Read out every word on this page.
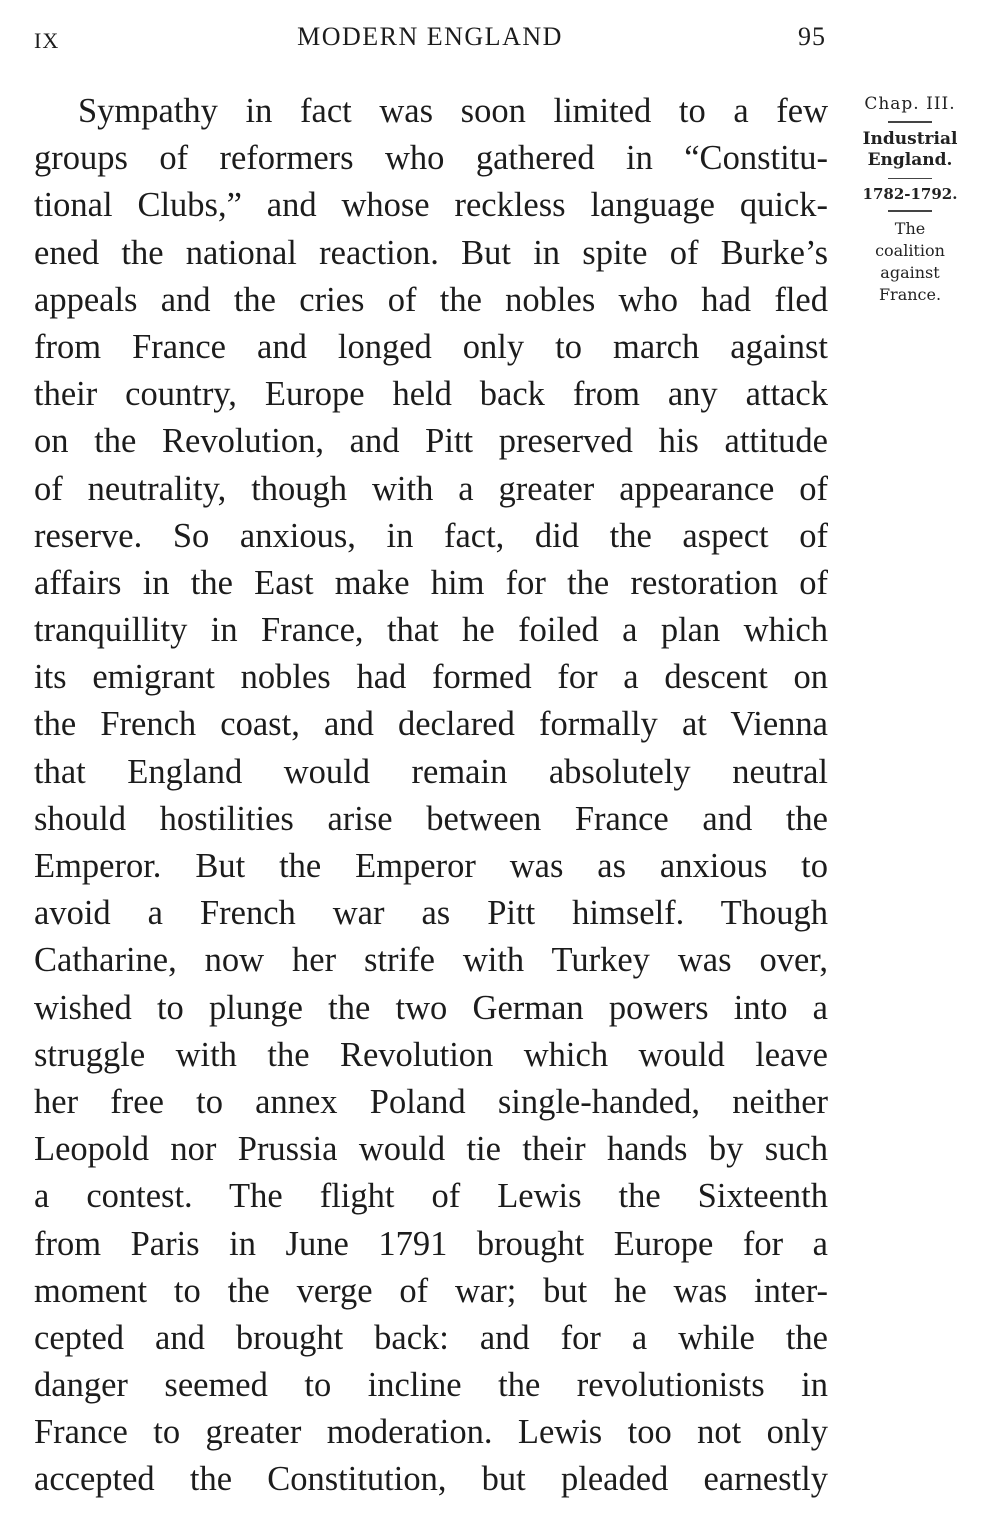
IX	MODERN ENGLAND	95
Sympathy in fact was soon limited to a few
groups of reformers who gathered in “Constitu-
tional Clubs,” and whose reckless language quick-
ened the national reaction. But in spite of Burke’s
appeals and the cries of the nobles who had fled
from France and longed only to march against
their country, Europe held back from any attack
on the Revolution, and Pitt preserved his attitude
of neutrality, though with a greater appearance of
reserve. So anxious, in fact, did the aspect of
affairs in the East make him for the restoration of
tranquillity in France, that he foiled a plan which
its emigrant nobles had formed for a descent on
the French coast, and declared formally at Vienna
that England would remain absolutely neutral
should hostilities arise between France and the
Emperor. But the Emperor was as anxious to
avoid a French war as Pitt himself. Though
Catharine, now her strife with Turkey was over,
wished to plunge the two German powers into a
struggle with the Revolution which would leave
her free to annex Poland single-handed, neither
Leopold nor Prussia would tie their hands by such
a contest. The flight of Lewis the Sixteenth
from Paris in June 1791 brought Europe for a
moment to the verge of war; but he was inter-
cepted and brought back: and for a while the
danger seemed to incline the revolutionists in
France to greater moderation. Lewis too not only
accepted the Constitution, but pleaded earnestly
Chap. III.
Industrial
England.
1782-1792.
The
coalition
against
France.
